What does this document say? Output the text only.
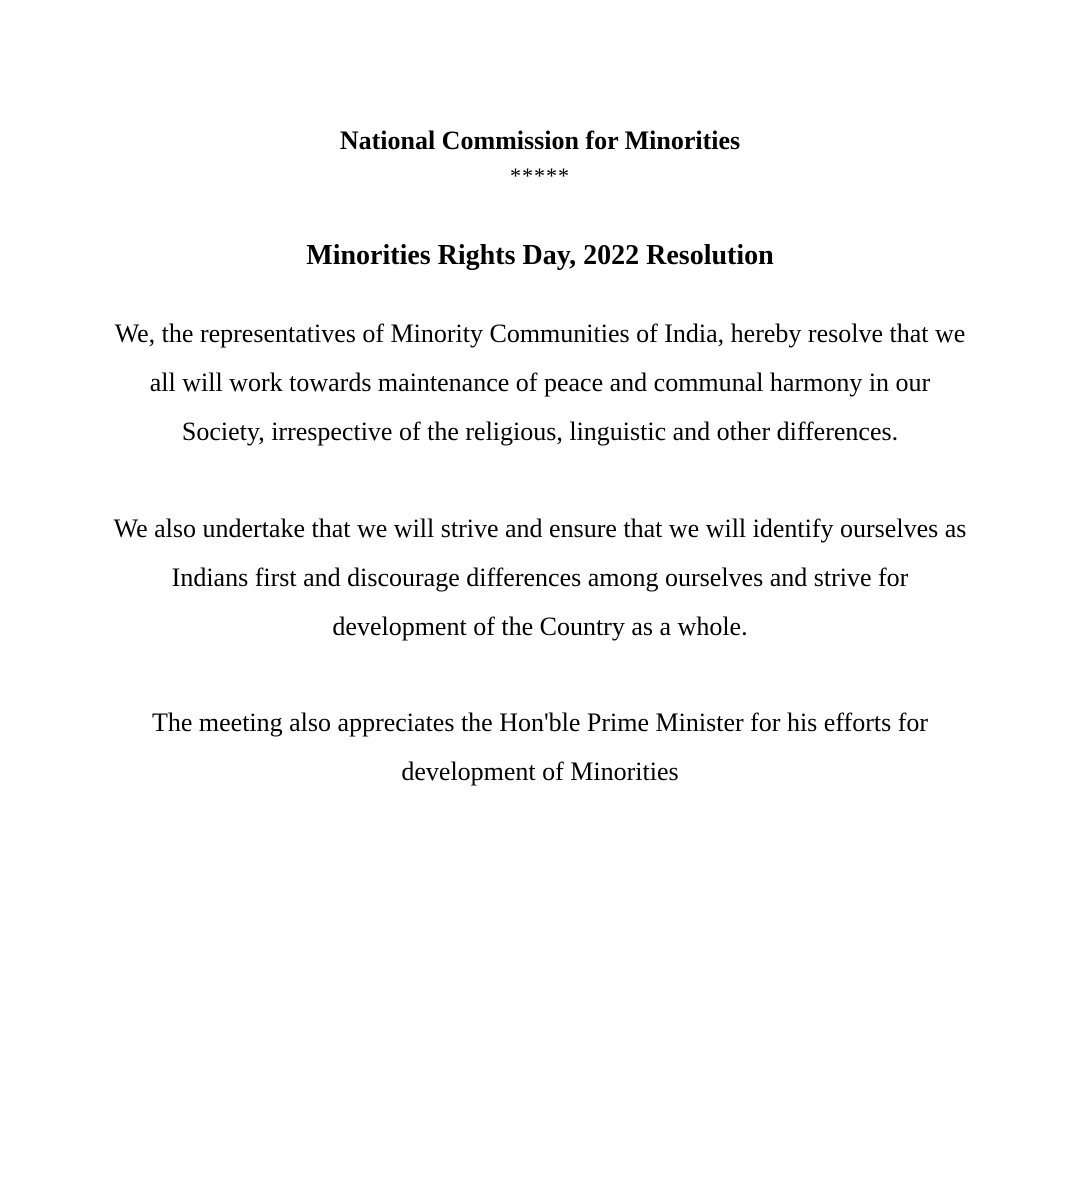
National Commission for Minorities
*****
Minorities Rights Day, 2022 Resolution

We, the representatives of Minority Communities of India, hereby resolve that we
all will work towards maintenance of peace and communal harmony in our
Society, irrespective of the religious, linguistic and other differences.

We also undertake that we will strive and ensure that we will identify ourselves as
Indians first and discourage differences among ourselves and strive for
development of the Country as a whole.

The meeting also appreciates the Hon'ble Prime Minister for his efforts for
development of Minorities
